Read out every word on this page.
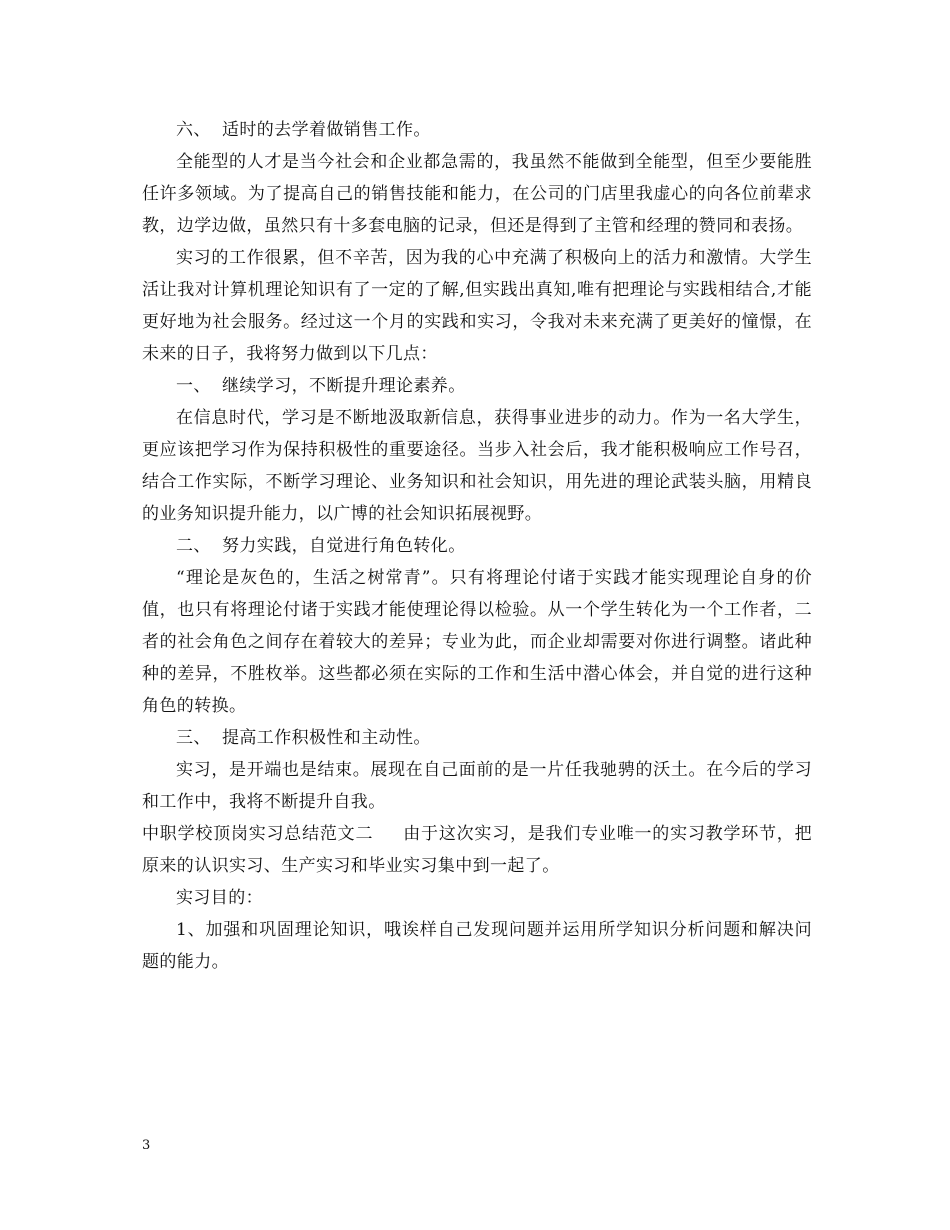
六、 适时的去学着做销售工作。

全能型的人才是当今社会和企业都急需的，我虽然不能做到全能型，但至少要能胜任许多领域。为了提高自己的销售技能和能力，在公司的门店里我虚心的向各位前辈求教，边学边做，虽然只有十多套电脑的记录，但还是得到了主管和经理的赞同和表扬。

实习的工作很累，但不辛苦，因为我的心中充满了积极向上的活力和激情。大学生活让我对计算机理论知识有了一定的了解,但实践出真知,唯有把理论与实践相结合,才能更好地为社会服务。经过这一个月的实践和实习，令我对未来充满了更美好的憧憬，在未来的日子，我将努力做到以下几点：

一、 继续学习，不断提升理论素养。

在信息时代，学习是不断地汲取新信息，获得事业进步的动力。作为一名大学生，更应该把学习作为保持积极性的重要途径。当步入社会后，我才能积极响应工作号召，结合工作实际，不断学习理论、业务知识和社会知识，用先进的理论武装头脑，用精良的业务知识提升能力，以广博的社会知识拓展视野。

二、 努力实践，自觉进行角色转化。

“理论是灰色的，生活之树常青”。只有将理论付诸于实践才能实现理论自身的价值，也只有将理论付诸于实践才能使理论得以检验。从一个学生转化为一个工作者，二者的社会角色之间存在着较大的差异；专业为此，而企业却需要对你进行调整。诸此种种的差异，不胜枚举。这些都必须在实际的工作和生活中潜心体会，并自觉的进行这种角色的转换。

三、 提高工作积极性和主动性。

实习，是开端也是结束。展现在自己面前的是一片任我驰骋的沃土。在今后的学习和工作中，我将不断提升自我。

中职学校顶岗实习总结范文二 由于这次实习，是我们专业唯一的实习教学环节，把原来的认识实习、生产实习和毕业实习集中到一起了。

实习目的：

1、加强和巩固理论知识，哦诶样自己发现问题并运用所学知识分析问题和解决问题的能力。

3
